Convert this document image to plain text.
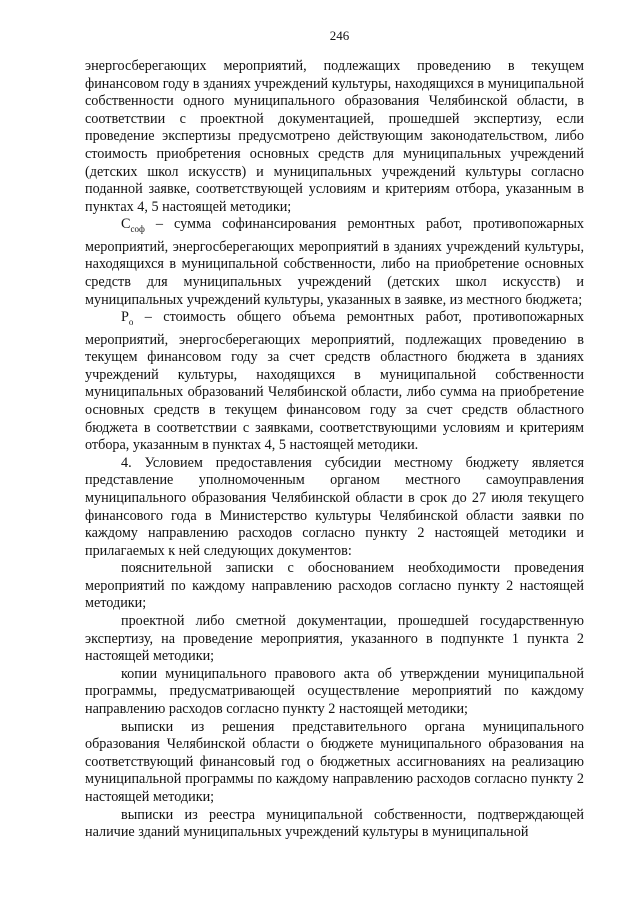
246

энергосберегающих мероприятий, подлежащих проведению в текущем финансовом году в зданиях учреждений культуры, находящихся в муниципальной собственности одного муниципального образования Челябинской области, в соответствии с проектной документацией, прошедшей экспертизу, если проведение экспертизы предусмотрено действующим законодательством, либо стоимость приобретения основных средств для муниципальных учреждений (детских школ искусств) и муниципальных учреждений культуры согласно поданной заявке, соответствующей условиям и критериям отбора, указанным в пунктах 4, 5 настоящей методики;

$С_{соф}$ – сумма софинансирования ремонтных работ, противопожарных мероприятий, энергосберегающих мероприятий в зданиях учреждений культуры, находящихся в муниципальной собственности, либо на приобретение основных средств для муниципальных учреждений (детских школ искусств) и муниципальных учреждений культуры, указанных в заявке, из местного бюджета;

$Р_о$ – стоимость общего объема ремонтных работ, противопожарных мероприятий, энергосберегающих мероприятий, подлежащих проведению в текущем финансовом году за счет средств областного бюджета в зданиях учреждений культуры, находящихся в муниципальной собственности муниципальных образований Челябинской области, либо сумма на приобретение основных средств в текущем финансовом году за счет средств областного бюджета в соответствии с заявками, соответствующими условиям и критериям отбора, указанным в пунктах 4, 5 настоящей методики.

4. Условием предоставления субсидии местному бюджету является представление уполномоченным органом местного самоуправления муниципального образования Челябинской области в срок до 27 июля текущего финансового года в Министерство культуры Челябинской области заявки по каждому направлению расходов согласно пункту 2 настоящей методики и прилагаемых к ней следующих документов:

пояснительной записки с обоснованием необходимости проведения мероприятий по каждому направлению расходов согласно пункту 2 настоящей методики;

проектной либо сметной документации, прошедшей государственную экспертизу, на проведение мероприятия, указанного в подпункте 1 пункта 2 настоящей методики;

копии муниципального правового акта об утверждении муниципальной программы, предусматривающей осуществление мероприятий по каждому направлению расходов согласно пункту 2 настоящей методики;

выписки из решения представительного органа муниципального образования Челябинской области о бюджете муниципального образования на соответствующий финансовый год о бюджетных ассигнованиях на реализацию муниципальной программы по каждому направлению расходов согласно пункту 2 настоящей методики;

выписки из реестра муниципальной собственности, подтверждающей наличие зданий муниципальных учреждений культуры в муниципальной
